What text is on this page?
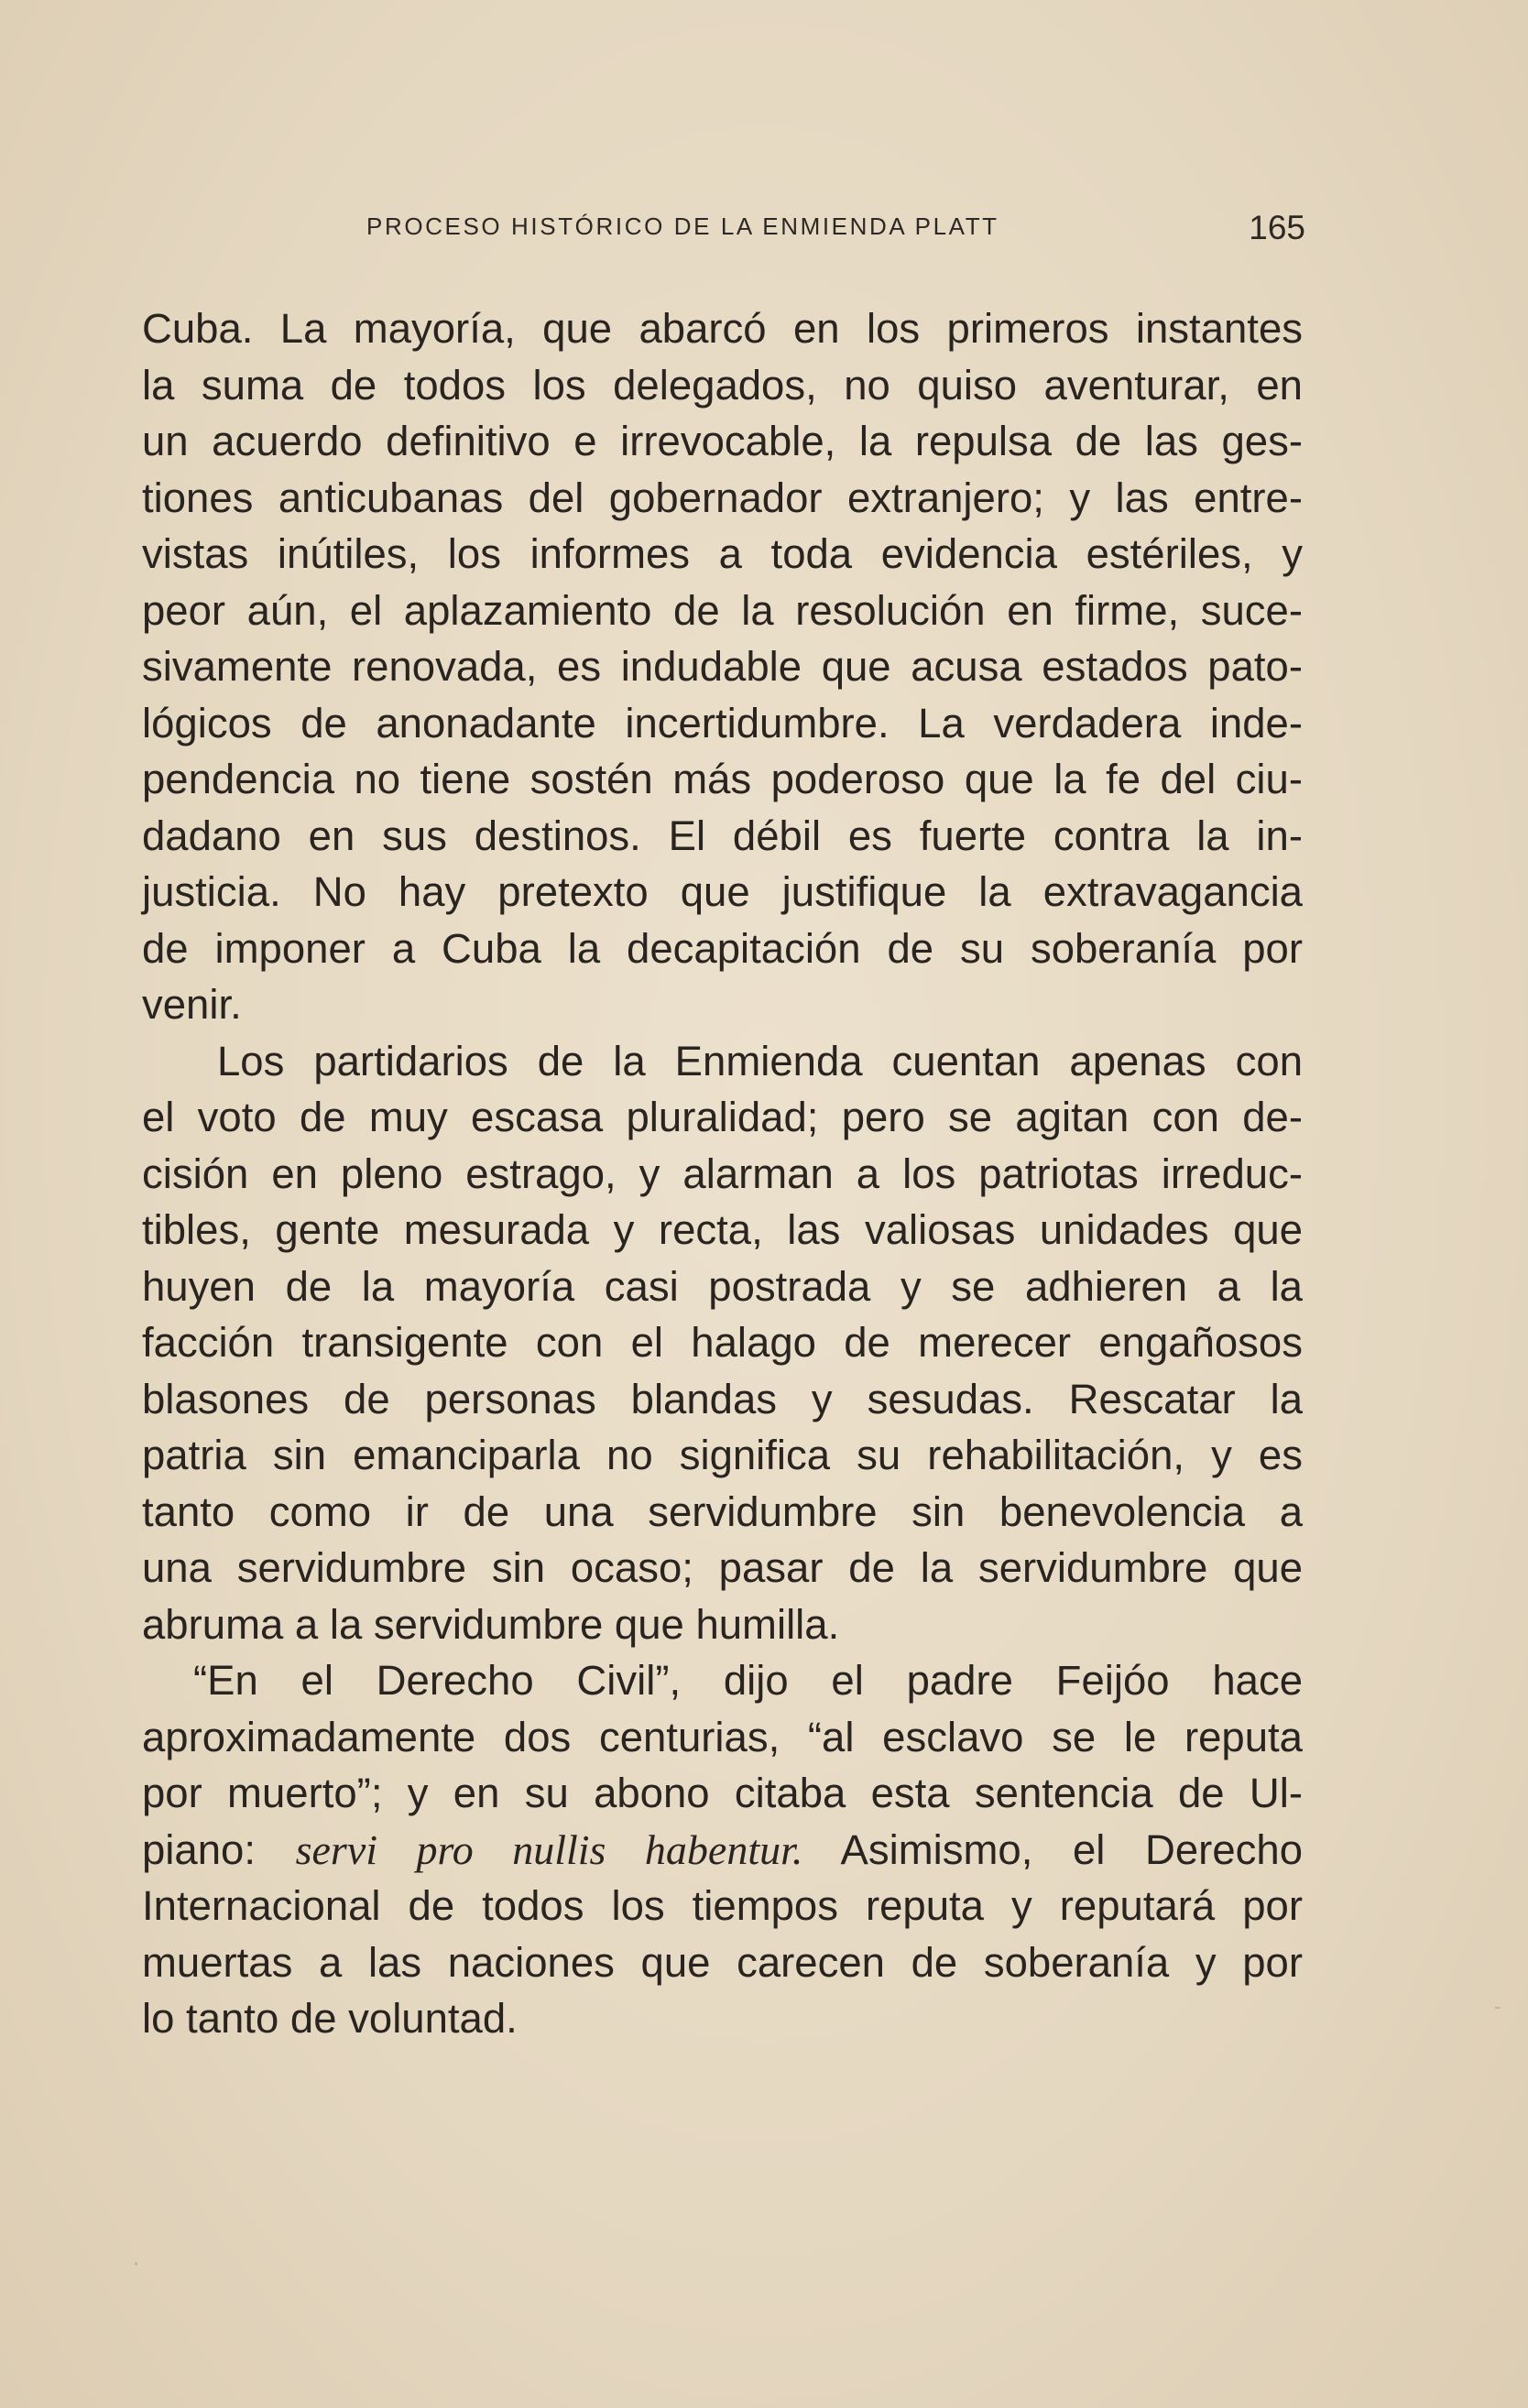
PROCESO HISTÓRICO DE LA ENMIENDA PLATT	165
Cuba. La mayoría, que abarcó en los primeros instantes
la suma de todos los delegados, no quiso aventurar, en
un acuerdo definitivo e irrevocable, la repulsa de las ges-
tiones anticubanas del gobernador extranjero; y las entre-
vistas inútiles, los informes a toda evidencia estériles, y
peor aún, el aplazamiento de la resolución en firme, suce-
sivamente renovada, es indudable que acusa estados pato-
lógicos de anonadante incertidumbre. La verdadera inde-
pendencia no tiene sostén más poderoso que la fe del ciu-
dadano en sus destinos. El débil es fuerte contra la in-
justicia. No hay pretexto que justifique la extravagancia
de imponer a Cuba la decapitación de su soberanía por
venir.
Los partidarios de la Enmienda cuentan apenas con
el voto de muy escasa pluralidad; pero se agitan con de-
cisión en pleno estrago, y alarman a los patriotas irreduc-
tibles, gente mesurada y recta, las valiosas unidades que
huyen de la mayoría casi postrada y se adhieren a la
facción transigente con el halago de merecer engañosos
blasones de personas blandas y sesudas. Rescatar la
patria sin emanciparla no significa su rehabilitación, y es
tanto como ir de una servidumbre sin benevolencia a
una servidumbre sin ocaso; pasar de la servidumbre que
abruma a la servidumbre que humilla.
“En el Derecho Civil”, dijo el padre Feijóo hace
aproximadamente dos centurias, “al esclavo se le reputa
por muerto”; y en su abono citaba esta sentencia de Ul-
piano: servi pro nullis habentur. Asimismo, el Derecho
Internacional de todos los tiempos reputa y reputará por
muertas a las naciones que carecen de soberanía y por
lo tanto de voluntad.
